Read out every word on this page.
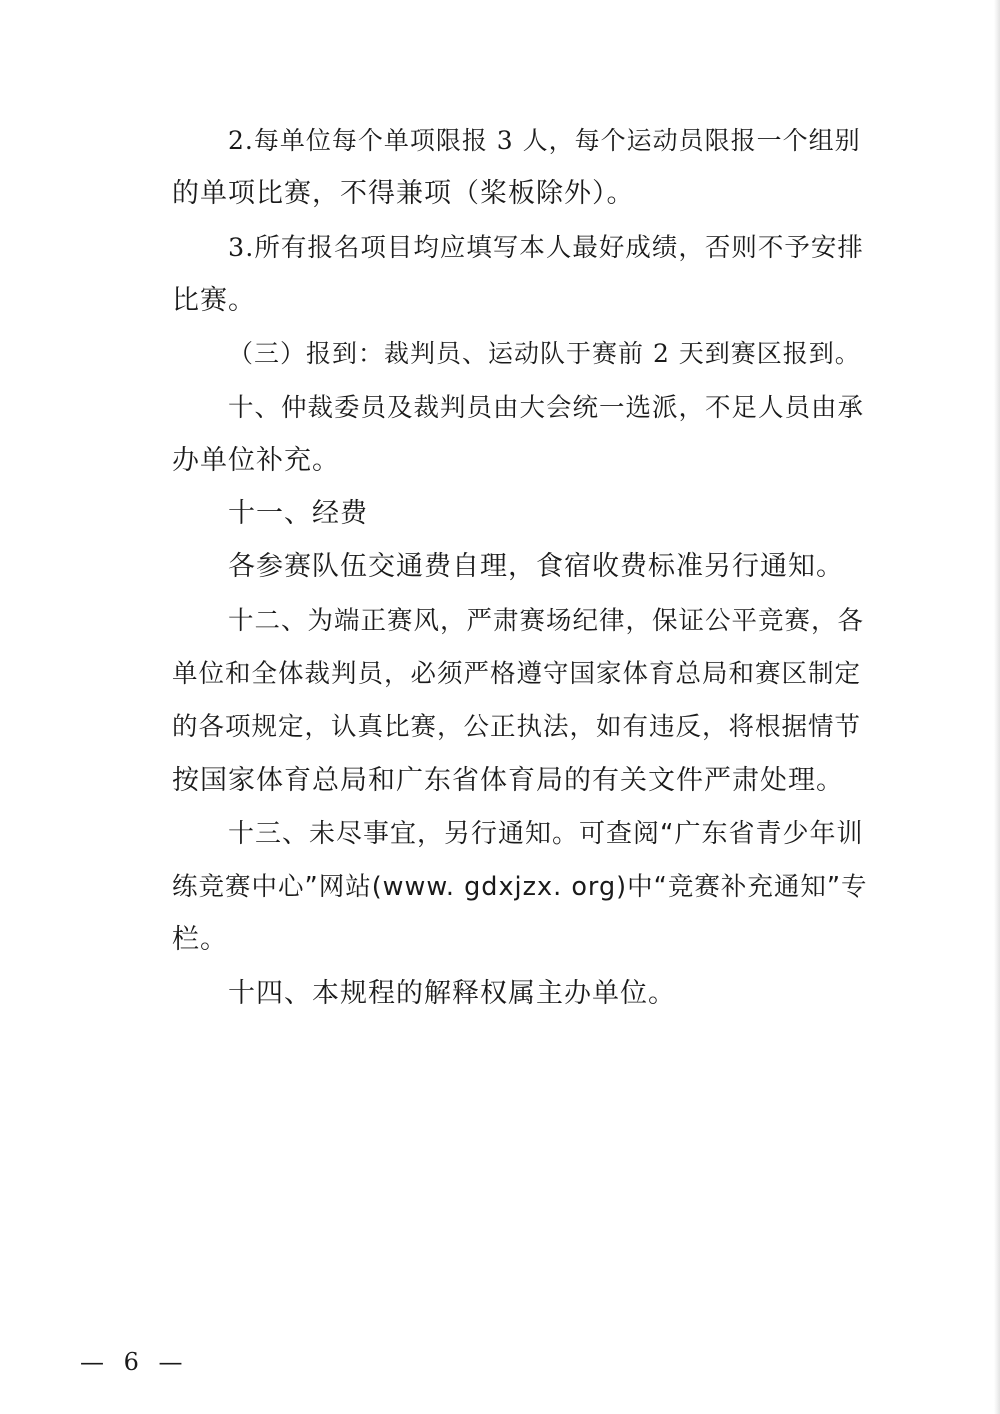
2.每单位每个单项限报 3 人，每个运动员限报一个组别
的单项比赛，不得兼项（桨板除外）。
3.所有报名项目均应填写本人最好成绩，否则不予安排
比赛。
（三）报到：裁判员、运动队于赛前 2 天到赛区报到。
十、仲裁委员及裁判员由大会统一选派，不足人员由承
办单位补充。
十一、经费
各参赛队伍交通费自理，食宿收费标准另行通知。
十二、为端正赛风，严肃赛场纪律，保证公平竞赛，各
单位和全体裁判员，必须严格遵守国家体育总局和赛区制定
的各项规定，认真比赛，公正执法，如有违反，将根据情节
按国家体育总局和广东省体育局的有关文件严肃处理。
十三、未尽事宜，另行通知。可查阅“广东省青少年训
练竞赛中心”网站(www. gdxjzx. org)中“竞赛补充通知”专
栏。
十四、本规程的解释权属主办单位。
— 6 —
